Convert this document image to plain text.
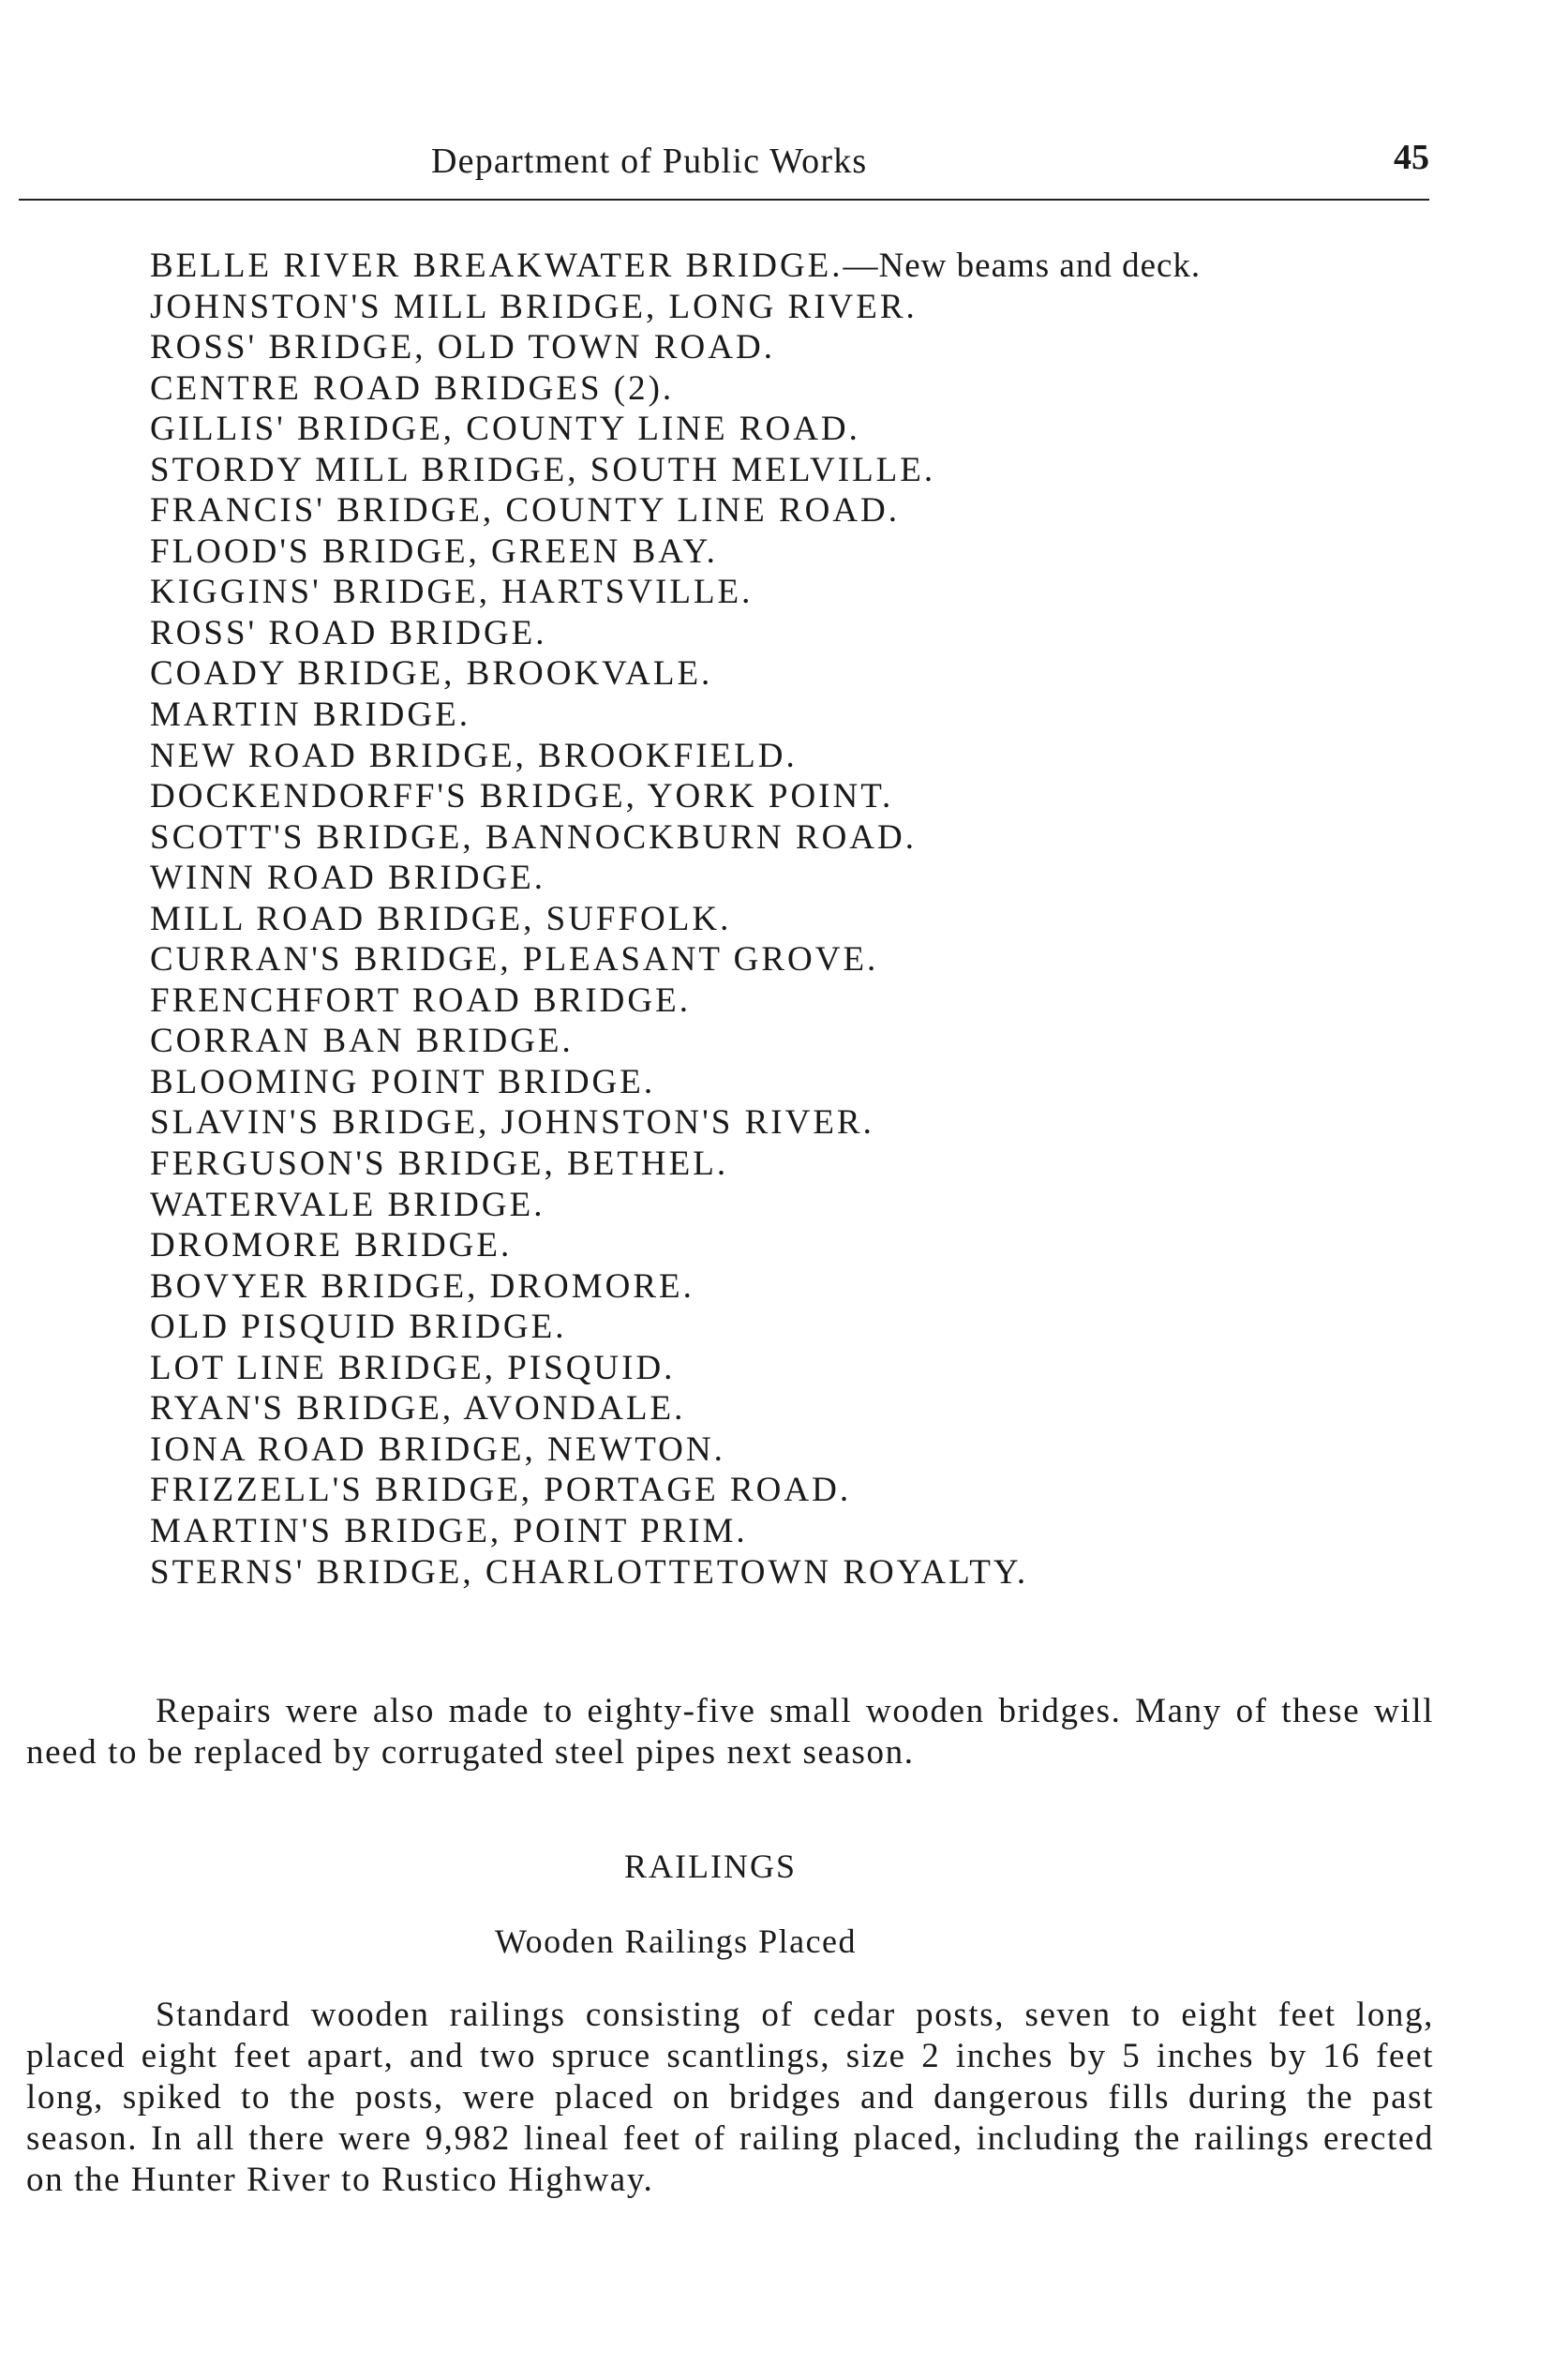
Department of Public Works	45
BELLE RIVER BREAKWATER BRIDGE.—New beams and deck.
JOHNSTON'S MILL BRIDGE, LONG RIVER.
ROSS' BRIDGE, OLD TOWN ROAD.
CENTRE ROAD BRIDGES (2).
GILLIS' BRIDGE, COUNTY LINE ROAD.
STORDY MILL BRIDGE, SOUTH MELVILLE.
FRANCIS' BRIDGE, COUNTY LINE ROAD.
FLOOD'S BRIDGE, GREEN BAY.
KIGGINS' BRIDGE, HARTSVILLE.
ROSS' ROAD BRIDGE.
COADY BRIDGE, BROOKVALE.
MARTIN BRIDGE.
NEW ROAD BRIDGE, BROOKFIELD.
DOCKENDORFF'S BRIDGE, YORK POINT.
SCOTT'S BRIDGE, BANNOCKBURN ROAD.
WINN ROAD BRIDGE.
MILL ROAD BRIDGE, SUFFOLK.
CURRAN'S BRIDGE, PLEASANT GROVE.
FRENCHFORT ROAD BRIDGE.
CORRAN BAN BRIDGE.
BLOOMING POINT BRIDGE.
SLAVIN'S BRIDGE, JOHNSTON'S RIVER.
FERGUSON'S BRIDGE, BETHEL.
WATERVALE BRIDGE.
DROMORE BRIDGE.
BOVYER BRIDGE, DROMORE.
OLD PISQUID BRIDGE.
LOT LINE BRIDGE, PISQUID.
RYAN'S BRIDGE, AVONDALE.
IONA ROAD BRIDGE, NEWTON.
FRIZZELL'S BRIDGE, PORTAGE ROAD.
MARTIN'S BRIDGE, POINT PRIM.
STERNS' BRIDGE, CHARLOTTETOWN ROYALTY.

Repairs were also made to eighty-five small wooden bridges. Many of these will need to be replaced by corrugated steel pipes next season.

RAILINGS
Wooden Railings Placed

Standard wooden railings consisting of cedar posts, seven to eight feet long, placed eight feet apart, and two spruce scantlings, size 2 inches by 5 inches by 16 feet long, spiked to the posts, were placed on bridges and dangerous fills during the past season. In all there were 9,982 lineal feet of railing placed, including the railings erected on the Hunter River to Rustico Highway.
